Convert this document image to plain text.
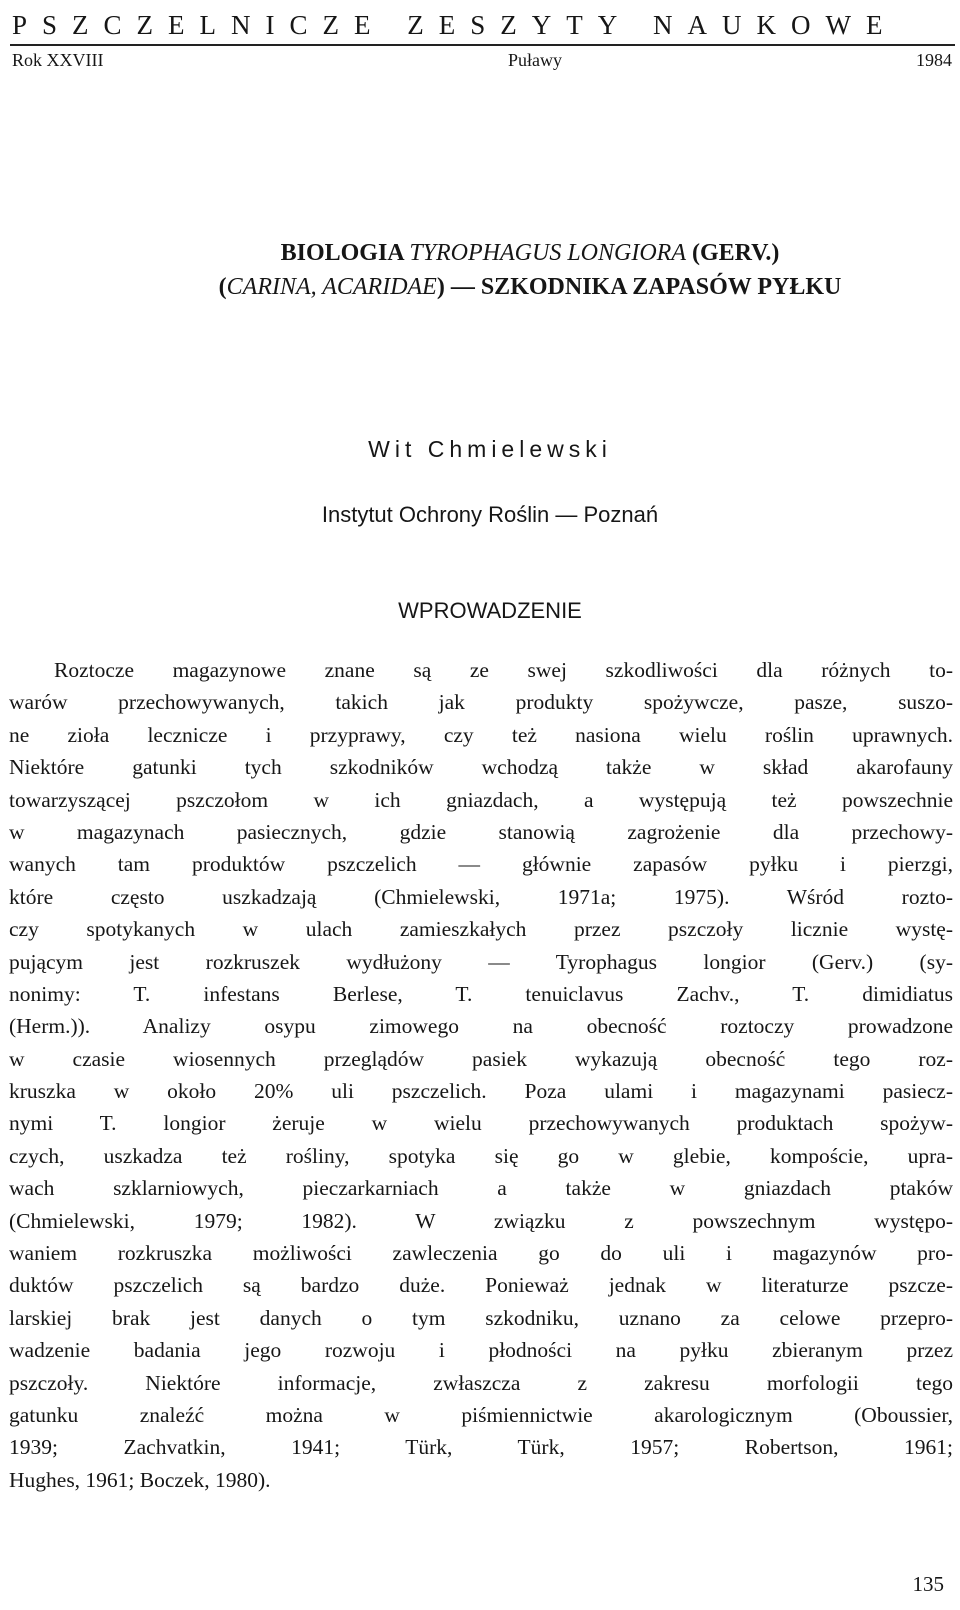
PSZCZELNICZE ZESZYTY NAUKOWE
Rok XXVIII	Puławy	1984
BIOLOGIA TYROPHAGUS LONGIORA (GERV.)
(CARINA, ACARIDAE) — SZKODNIKA ZAPASÓW PYŁKU
Wit Chmielewski
Instytut Ochrony Roślin — Poznań
WPROWADZENIE
Roztocze magazynowe znane są ze swej szkodliwości dla różnych to-
warów przechowywanych, takich jak produkty spożywcze, pasze, suszo-
ne zioła lecznicze i przyprawy, czy też nasiona wielu roślin uprawnych.
Niektóre gatunki tych szkodników wchodzą także w skład akarofauny
towarzyszącej pszczołom w ich gniazdach, a występują też powszechnie
w magazynach pasiecznych, gdzie stanowią zagrożenie dla przechowy-
wanych tam produktów pszczelich — głównie zapasów pyłku i pierzgi,
które często uszkadzają (Chmielewski, 1971a; 1975). Wśród rozto-
czy spotykanych w ulach zamieszkałych przez pszczoły licznie wystę-
pującym jest rozkruszek wydłużony — Tyrophagus longior (Gerv.) (sy-
nonimy: T. infestans Berlese, T. tenuiclavus Zachv., T. dimidiatus
(Herm.)). Analizy osypu zimowego na obecność roztoczy prowadzone
w czasie wiosennych przeglądów pasiek wykazują obecność tego roz-
kruszka w około 20% uli pszczelich. Poza ulami i magazynami pasiecz-
nymi T. longior żeruje w wielu przechowywanych produktach spożyw-
czych, uszkadza też rośliny, spotyka się go w glebie, kompoście, upra-
wach szklarniowych, pieczarkarniach a także w gniazdach ptaków
(Chmielewski, 1979; 1982). W związku z powszechnym występo-
waniem rozkruszka możliwości zawleczenia go do uli i magazynów pro-
duktów pszczelich są bardzo duże. Ponieważ jednak w literaturze pszcze-
larskiej brak jest danych o tym szkodniku, uznano za celowe przepro-
wadzenie badania jego rozwoju i płodności na pyłku zbieranym przez
pszczoły. Niektóre informacje, zwłaszcza z zakresu morfologii tego
gatunku znaleźć można w piśmiennictwie akarologicznym (Oboussier,
1939; Zachvatkin, 1941; Türk, Türk, 1957; Robertson, 1961;
Hughes, 1961; Boczek, 1980).
135
